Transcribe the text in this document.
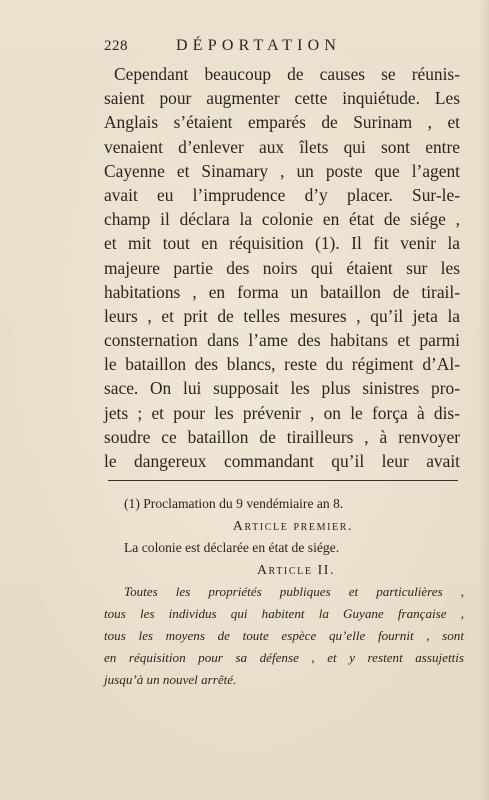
228	DÉPORTATION
Cependant beaucoup de causes se réunis-
saient pour augmenter cette inquiétude. Les
Anglais s’étaient emparés de Surinam , et
venaient d’enlever aux îlets qui sont entre
Cayenne et Sinamary , un poste que l’agent
avait eu l’imprudence d’y placer. Sur-le-
champ il déclara la colonie en état de siége ,
et mit tout en réquisition (1). Il fit venir la
majeure partie des noirs qui étaient sur les
habitations , en forma un bataillon de tirail-
leurs , et prit de telles mesures , qu’il jeta la
consternation dans l’ame des habitans et parmi
le bataillon des blancs, reste du régiment d’Al-
sace. On lui supposait les plus sinistres pro-
jets ; et pour les prévenir , on le força à dis-
soudre ce bataillon de tirailleurs , à renvoyer
le dangereux commandant qu’il leur avait
(1) Proclamation du 9 vendémiaire an 8.
Article premier.
La colonie est déclarée en état de siége.
Article II.
Toutes les propriétés publiques et particulières ,
tous les individus qui habitent la Guyane française ,
tous les moyens de toute espèce qu’elle fournit , sont
en réquisition pour sa défense , et y restent assujettis
jusqu’à un nouvel arrêté.
